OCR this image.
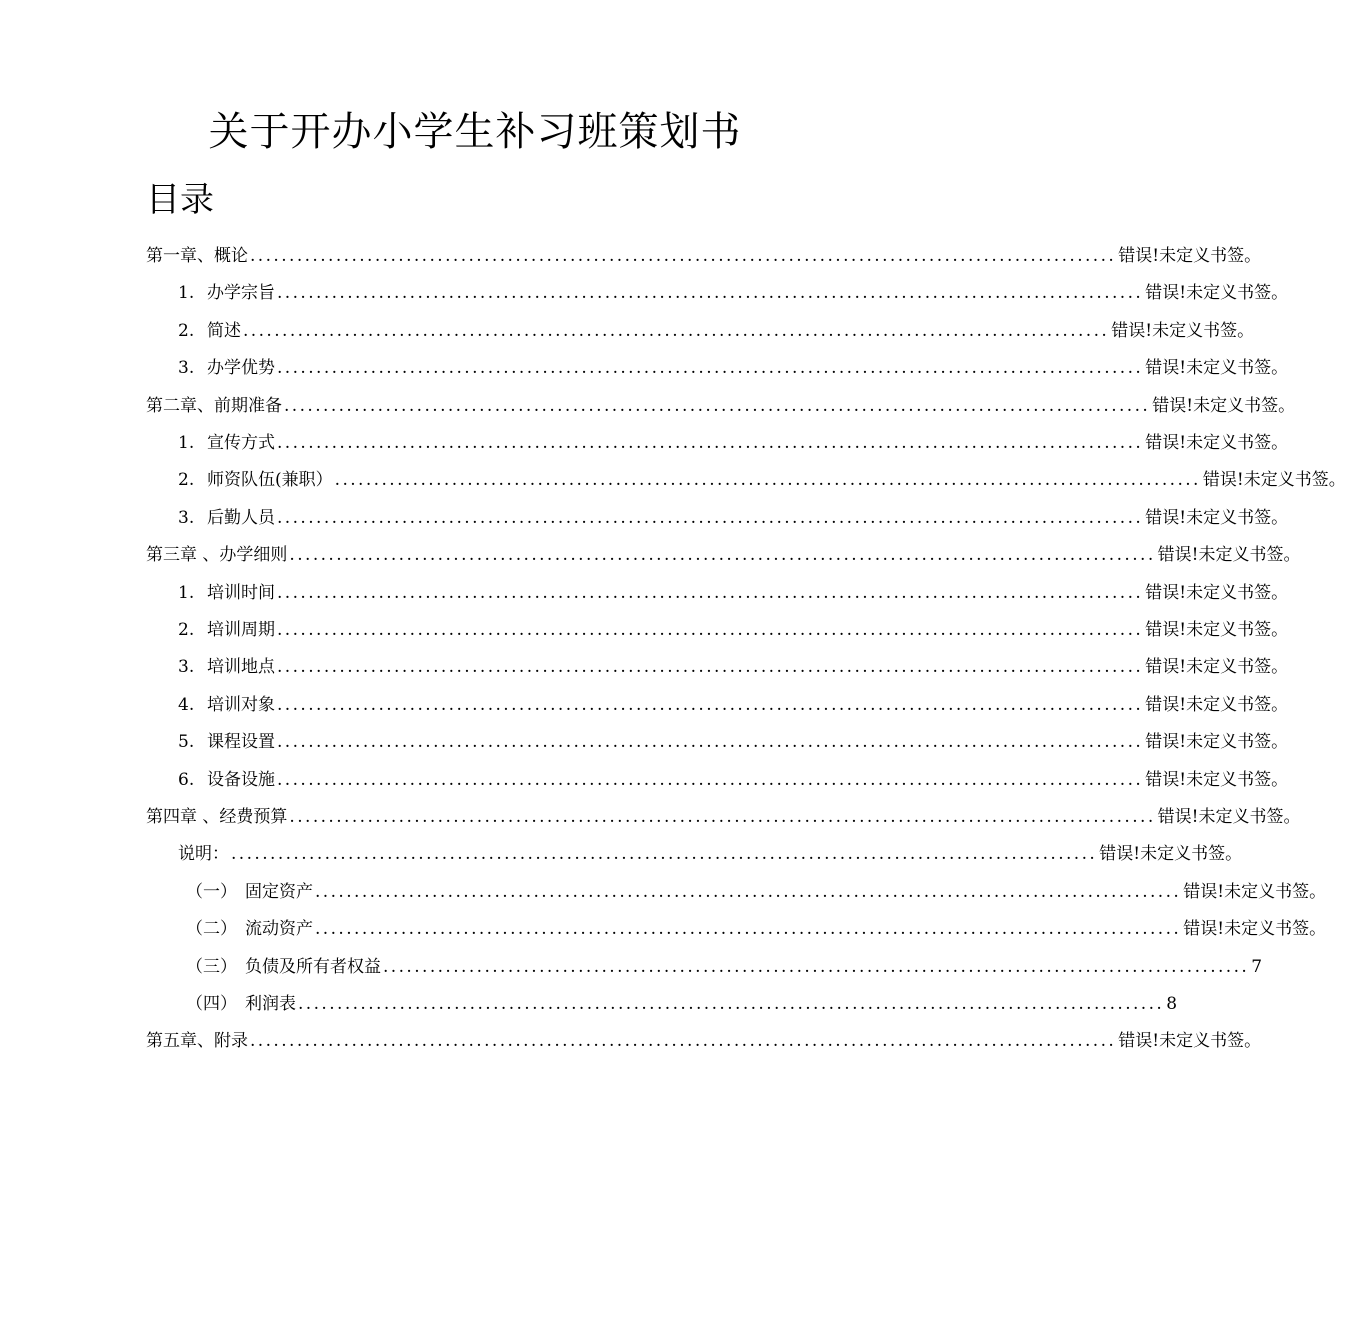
关于开办小学生补习班策划书
目录
第一章、概论 ............................................................................................................... 错误!未定义书签。
1. 办学宗旨 ............................................................................................................... 错误!未定义书签。
2. 简述 ............................................................................................................... 错误!未定义书签。
3. 办学优势 ............................................................................................................... 错误!未定义书签。
第二章、前期准备 ............................................................................................................... 错误!未定义书签。
1. 宣传方式 ............................................................................................................... 错误!未定义书签。
2. 师资队伍(兼职） ............................................................................................................... 错误!未定义书签。
3. 后勤人员 ............................................................................................................... 错误!未定义书签。
第三章 、办学细则 ............................................................................................................... 错误!未定义书签。
1. 培训时间 ............................................................................................................... 错误!未定义书签。
2. 培训周期 ............................................................................................................... 错误!未定义书签。
3. 培训地点 ............................................................................................................... 错误!未定义书签。
4. 培训对象 ............................................................................................................... 错误!未定义书签。
5. 课程设置 ............................................................................................................... 错误!未定义书签。
6. 设备设施 ............................................................................................................... 错误!未定义书签。
第四章 、经费预算 ............................................................................................................... 错误!未定义书签。
说明： ............................................................................................................... 错误!未定义书签。
（一） 固定资产 ............................................................................................................... 错误!未定义书签。
（二） 流动资产 ............................................................................................................... 错误!未定义书签。
（三） 负债及所有者权益 ............................................................................................................... 7
（四） 利润表 ............................................................................................................... 8
第五章、附录 ............................................................................................................... 错误!未定义书签。
